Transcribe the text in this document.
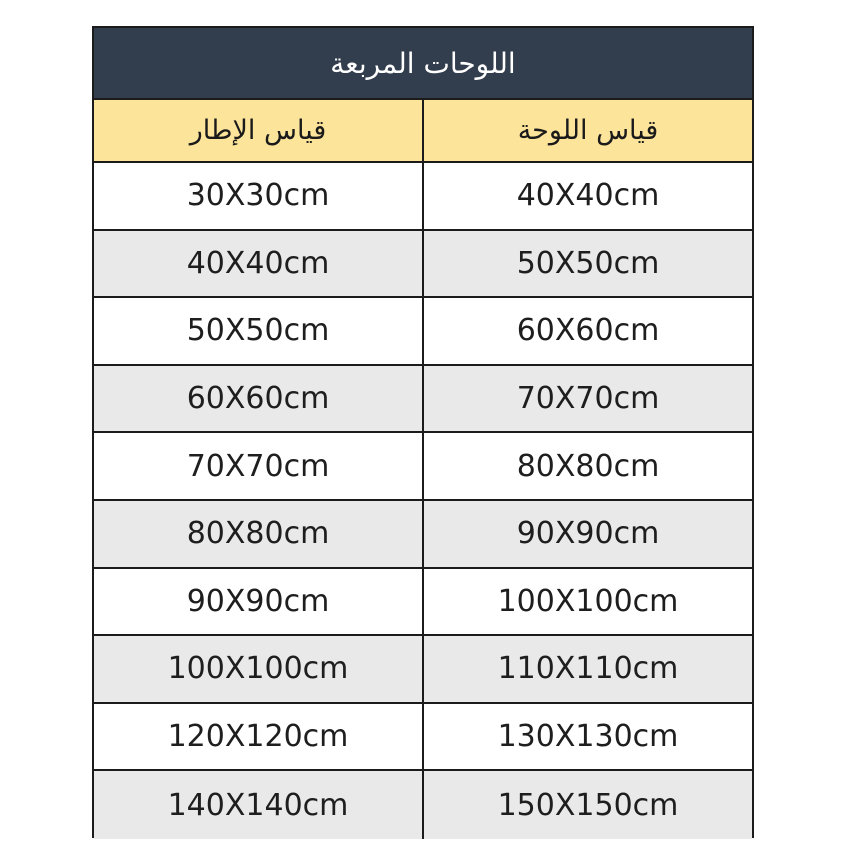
اللوحات المربعة
قياس اللوحة
قياس الإطار
40X40cm
30X30cm
50X50cm
40X40cm
60X60cm
50X50cm
70X70cm
60X60cm
80X80cm
70X70cm
90X90cm
80X80cm
100X100cm
90X90cm
110X110cm
100X100cm
130X130cm
120X120cm
150X150cm
140X140cm
